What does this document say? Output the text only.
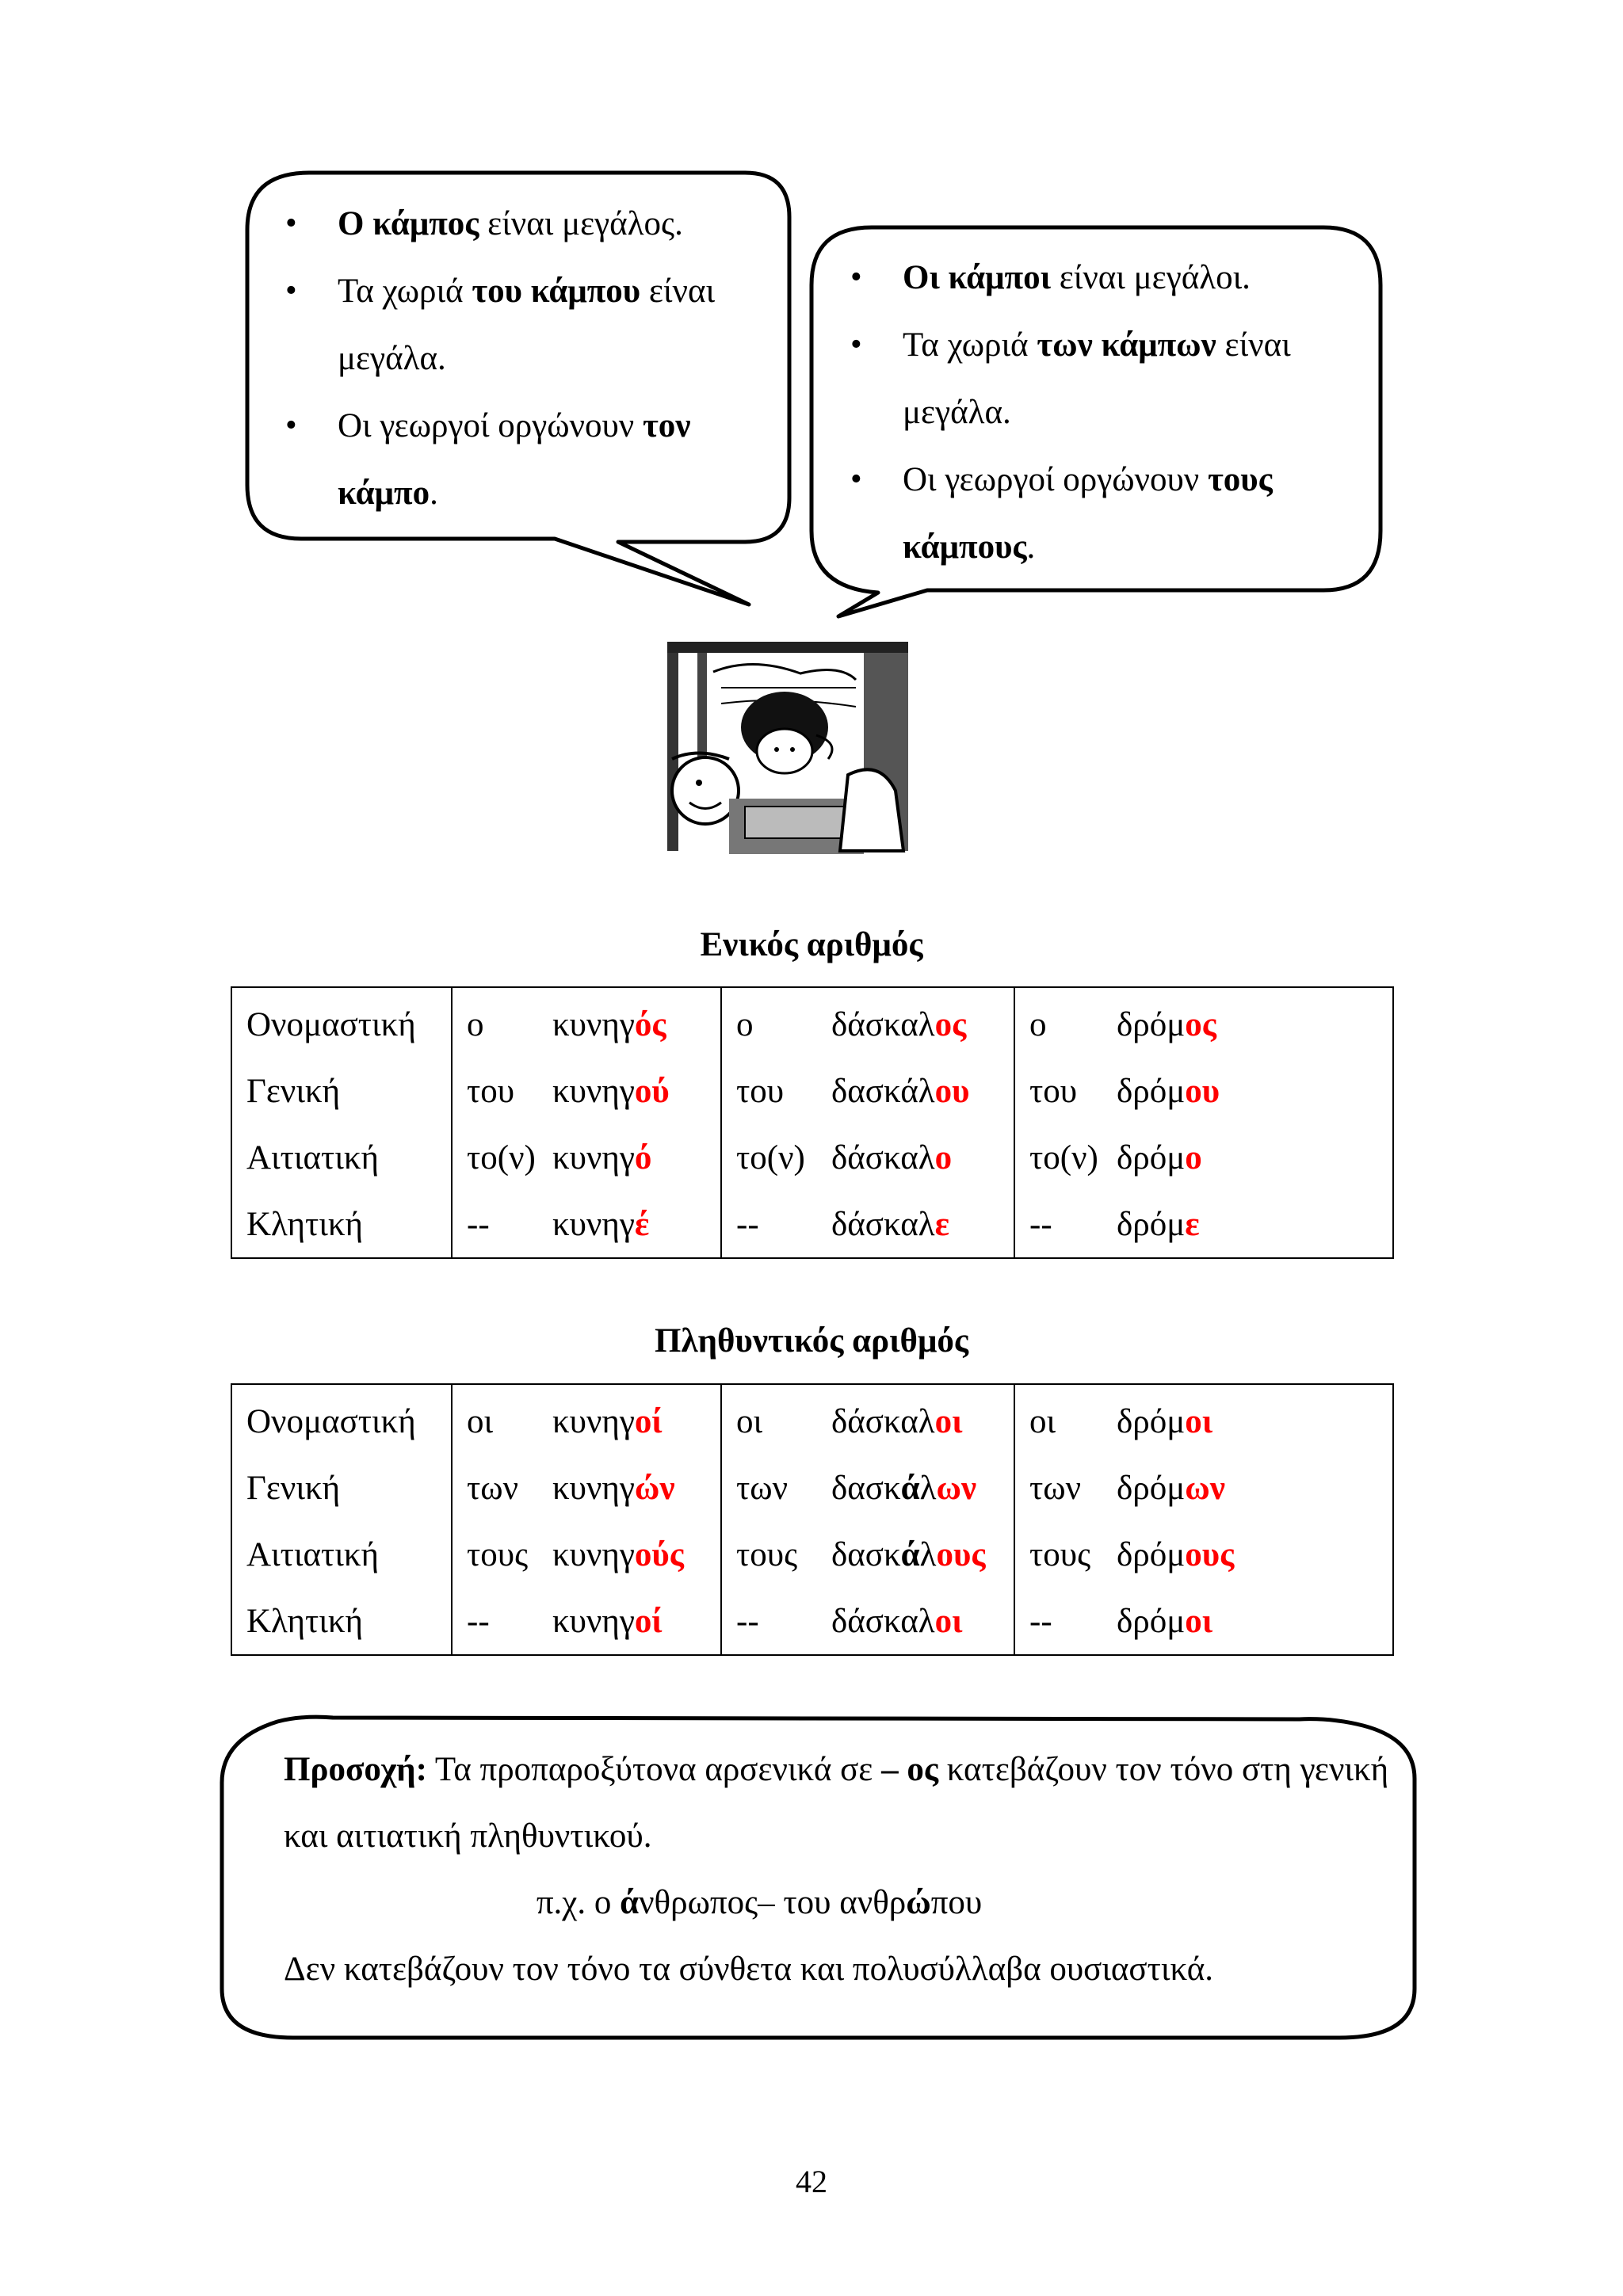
• Ο κάμπος είναι μεγάλος.
• Τα χωριά του κάμπου είναι μεγάλα.
• Οι γεωργοί οργώνουν τον κάμπο.
• Οι κάμποι είναι μεγάλοι.
• Τα χωριά των κάμπων είναι μεγάλα.
• Οι γεωργοί οργώνουν τους κάμπους.
Ενικός αριθμός
Ονομαστική	ο	κυνηγός	ο	δάσκαλος	ο	δρόμος
Γενική	του	κυνηγού	του	δασκάλου	του	δρόμου
Αιτιατική	το(ν)	κυνηγό	το(ν)	δάσκαλο	το(ν)	δρόμο
Κλητική	--	κυνηγέ	--	δάσκαλε	--	δρόμε
Πληθυντικός αριθμός
Ονομαστική	οι	κυνηγοί	οι	δάσκαλοι	οι	δρόμοι
Γενική	των	κυνηγών	των	δασκάλων	των	δρόμων
Αιτιατική	τους	κυνηγούς	τους	δασκάλους	τους	δρόμους
Κλητική	--	κυνηγοί	--	δάσκαλοι	--	δρόμοι
Προσοχή: Τα προπαροξύτονα αρσενικά σε – ος κατεβάζουν τον τόνο στη γενική και αιτιατική πληθυντικού.
π.χ. ο άνθρωπος– του ανθρώπου
Δεν κατεβάζουν τον τόνο τα σύνθετα και πολυσύλλαβα ουσιαστικά.
42
